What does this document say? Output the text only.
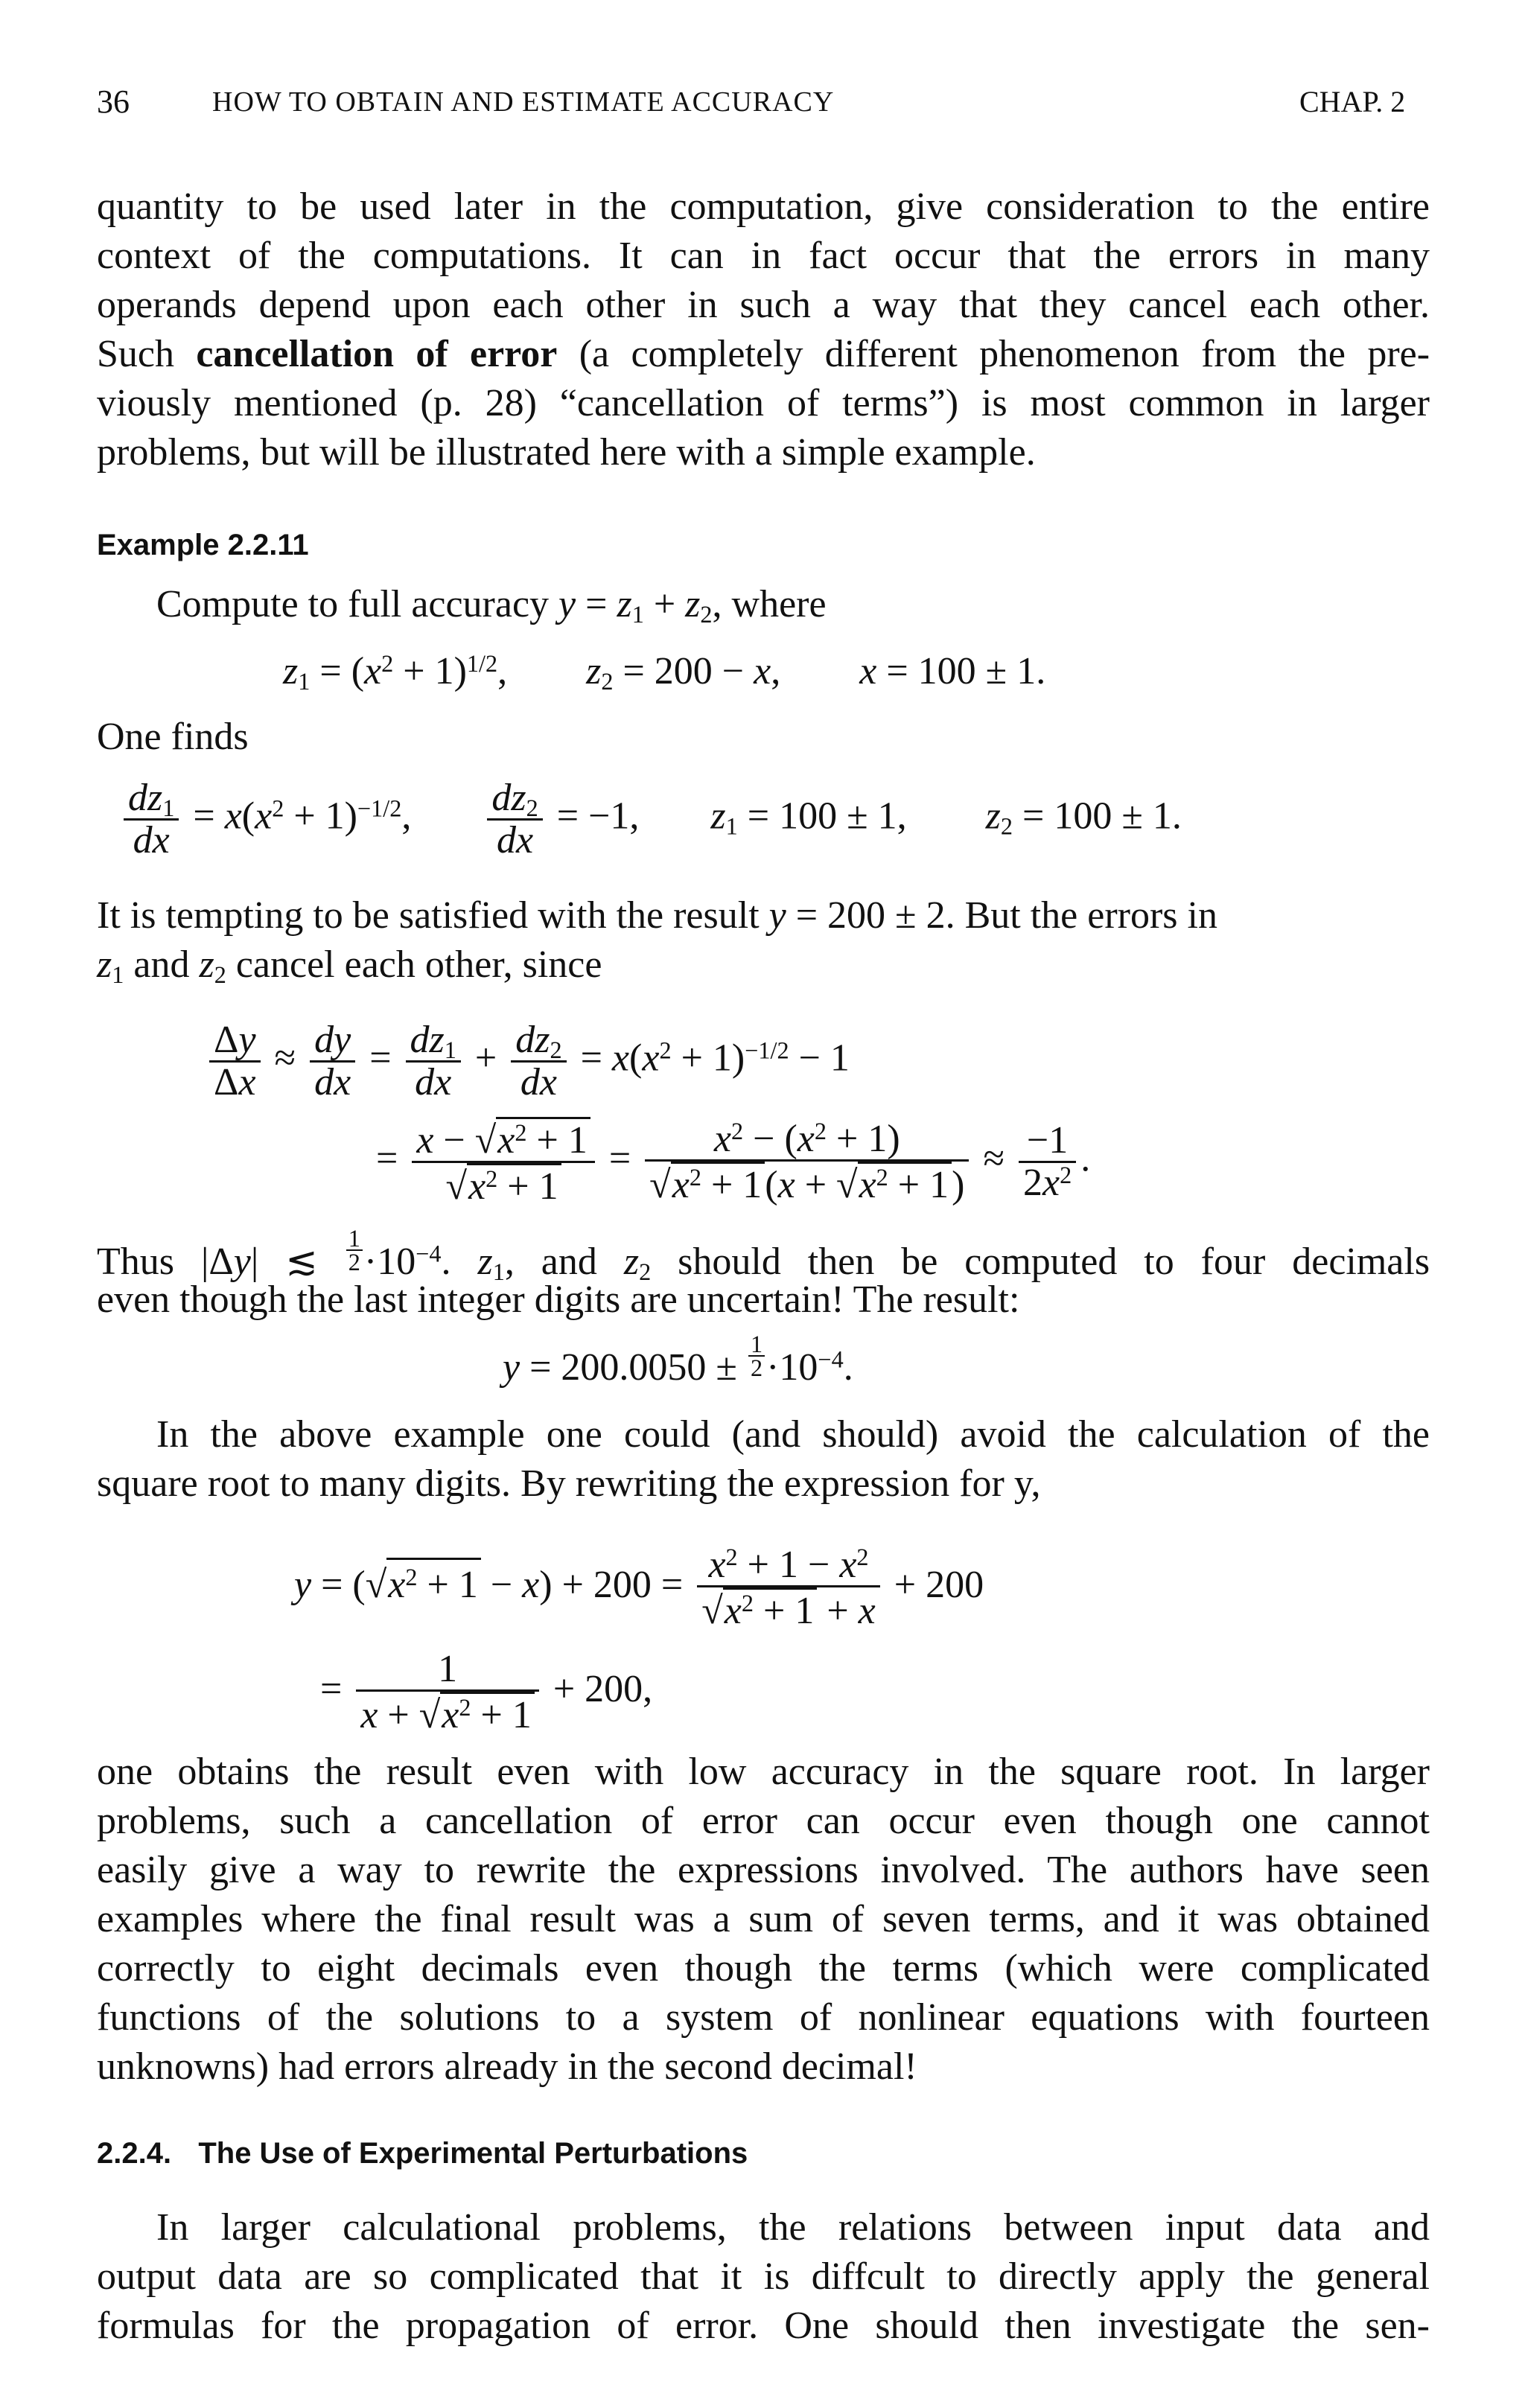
36	HOW TO OBTAIN AND ESTIMATE ACCURACY	CHAP. 2
quantity to be used later in the computation, give consideration to the entire
context of the computations. It can in fact occur that the errors in many
operands depend upon each other in such a way that they cancel each other.
Such cancellation of error (a completely different phenomenon from the pre-
viously mentioned (p. 28) “cancellation of terms”) is most common in larger
problems, but will be illustrated here with a simple example.
Example 2.2.11
Compute to full accuracy $y = z_1 + z_2$, where
$z_1 = (x^2 + 1)^{1/2}$,  $z_2 = 200 - x$,  x = 100 ± 1.
One finds
$\frac{dz_1}{dx} = x(x^2 + 1)^{-1/2}$, $\frac{dz_2}{dx} = -1$,  $z_1 = 100 \pm 1$,  $z_2 = 100 \pm 1$.
It is tempting to be satisfied with the result y = 200 ± 2. But the errors in
$z_1$ and $z_2$ cancel each other, since
$\frac{\Delta y}{\Delta x} \approx \frac{dy}{dx} = \frac{dz_1}{dx} + \frac{dz_2}{dx} = x(x^2 + 1)^{-1/2} - 1$
= $\frac{x - √x^2 + 1}{√x^2 + 1} = \frac{x^2 - (x^2 + 1)}{√x^2 + 1(x + √x^2 + 1)} \approx \frac{-1}{2x^2}$ .
Thus |Δy| ≲ $\frac{1}{2} \cdot 10^{-4}$. $z_1$, and $z_2$ should then be computed to four decimals
even though the last integer digits are uncertain! The result:
$y = 200.0050 \pm \frac{1}{2} \cdot 10^{-4}$.
In the above example one could (and should) avoid the calculation of the
square root to many digits. By rewriting the expression for y,
$y = (√x^2 + 1 - x) + 200 = \frac{x^2 + 1 - x^2}{√x^2 + 1 + x} + 200$
= $\frac{1}{x + √x^2 + 1} + 200$,
one obtains the result even with low accuracy in the square root. In larger
problems, such a cancellation of error can occur even though one cannot
easily give a way to rewrite the expressions involved. The authors have seen
examples where the final result was a sum of seven terms, and it was obtained
correctly to eight decimals even though the terms (which were complicated
functions of the solutions to a system of nonlinear equations with fourteen
unknowns) had errors already in the second decimal!
2.2.4. The Use of Experimental Perturbations
In larger calculational problems, the relations between input data and
output data are so complicated that it is diffcult to directly apply the general
formulas for the propagation of error. One should then investigate the sen-
